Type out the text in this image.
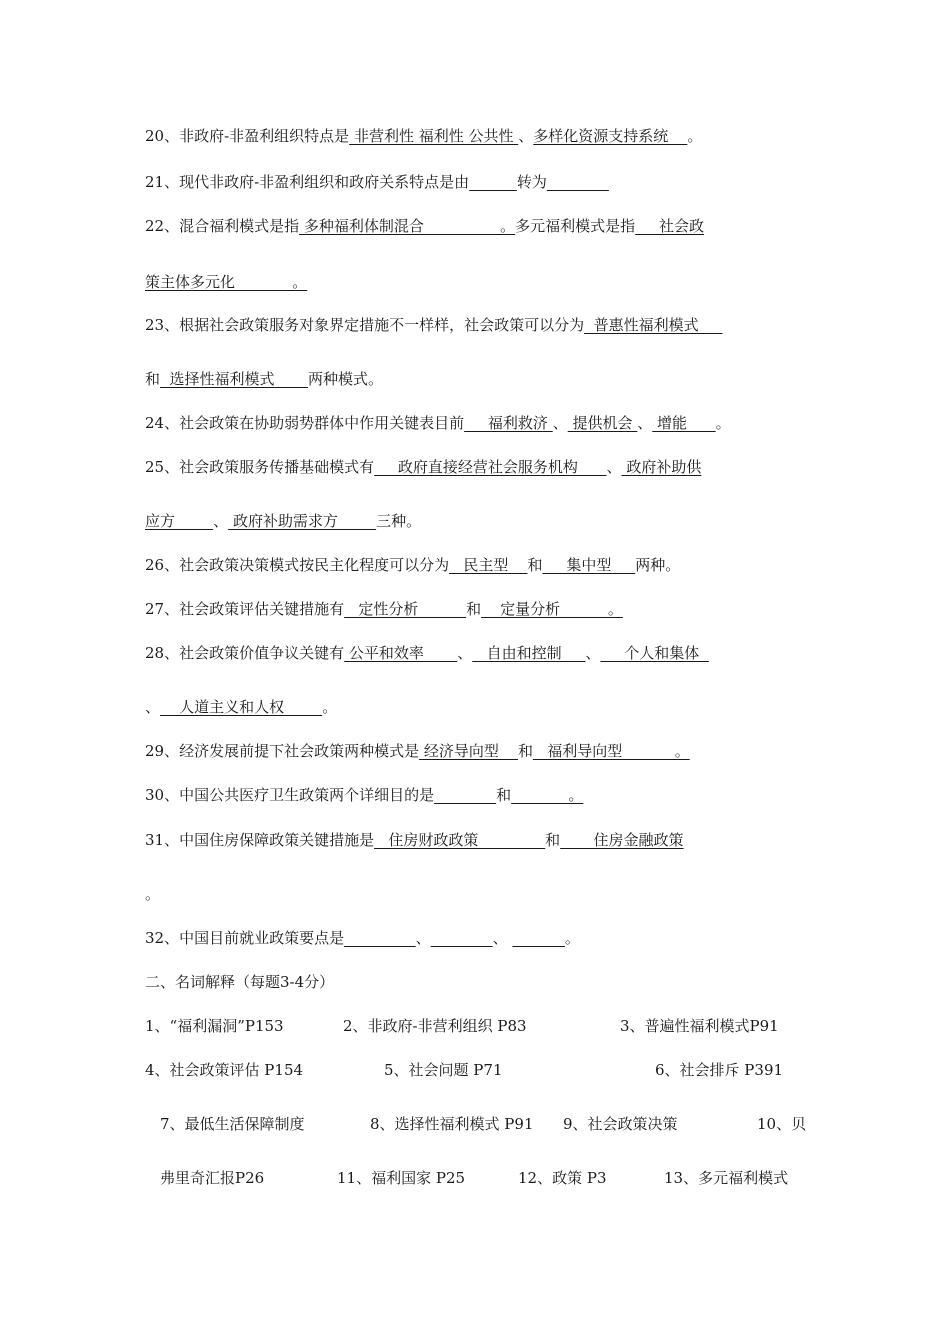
20、非政府-非盈利组织特点是 非营利性 福利性 公共性 、多样化资源支持系统    。
21、现代非政府-非盈利组织和政府关系特点是由	转为
22、混合福利模式是指 多种福利体制混合                。多元福利模式是指     社会政
策主体多元化            。
23、根据社会政策服务对象界定措施不一样样，社会政策可以分为  普惠性福利模式
和  选择性福利模式       两种模式。
24、社会政策在协助弱势群体中作用关键表目前     福利救济 、 提供机会 、 增能      。
25、社会政策服务传播基础模式有     政府直接经营社会服务机构      、 政府补助供
应方        、 政府补助需求方        三种。
26、社会政策决策模式按民主化程度可以分为   民主型    和     集中型     两种。
27、社会政策评估关键措施有   定性分析          和    定量分析          。
28、社会政策价值争议关键有 公平和效率       、   自由和控制     、     个人和集体
、    人道主义和人权        。
29、经济发展前提下社会政策两种模式是 经济导向型    和   福利导向型           。
30、中国公共医疗卫生政策两个详细目的是	和            。
31、中国住房保障政策关键措施是   住房财政政策              和       住房金融政策
。
32、中国目前就业政策要点是	、	、	。
二、名词解释（每题3-4分）
1、“福利漏洞”P153	2、非政府-非营利组织 P83	3、普遍性福利模式P91
4、社会政策评估 P154	5、社会问题 P71	6、社会排斥 P391
7、最低生活保障制度	8、选择性福利模式 P91 9、社会政策决策	10、贝
弗里奇汇报P26	11、福利国家 P25	12、政策 P3	13、多元福利模式
